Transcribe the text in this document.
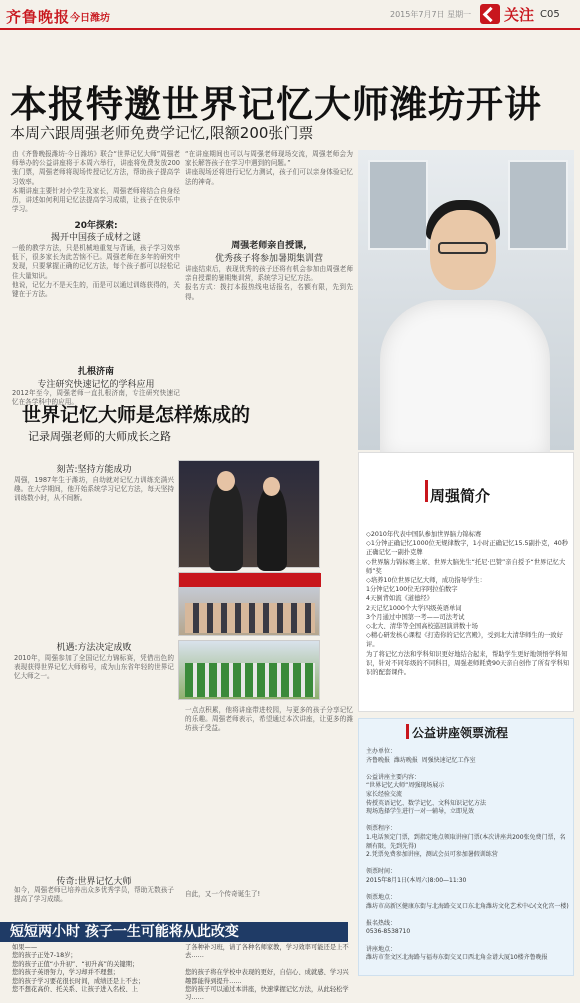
齐鲁晚报 今日潍坊	2015年7月7日 星期一 关注 C05
本报特邀世界记忆大师潍坊开讲
本周六跟周强老师免费学记忆,限额200张门票
由《齐鲁晚报潍坊·今日潍坊》联合“世界记忆大师”周强老师举办的公益讲座将于本周六举行，讲座将免费发放200张门票，周强老师将现场传授记忆方法，帮助孩子提高学习效率。
本期讲座主要针对小学生及家长，周强老师将结合自身经历，讲述如何利用记忆法提高学习成绩，让孩子在快乐中学习。
20年探索:
揭开中国孩子成材之谜
一般的教学方法，只是机械地重复与背诵，孩子学习效率低下，很多家长为此苦恼不已。周强老师在多年的研究中发现，只要掌握正确的记忆方法，每个孩子都可以轻松记住大量知识。
他说，记忆力不是天生的，而是可以通过训练获得的，关键在于方法。
扎根济南
专注研究快速记忆的学科应用
2012年至今，周强老师一直扎根济南，专注研究快速记忆在各学科中的应用。
“在讲座期间也可以与周强老师现场交流，周强老师会为家长解答孩子在学习中遇到的问题。”
讲座现场还将进行记忆力测试，孩子们可以亲身体验记忆法的神奇。
周强老师亲自授课,
优秀孩子将参加暑期集训营
讲座结束后，表现优秀的孩子还将有机会参加由周强老师亲自授课的暑期集训营，系统学习记忆方法。
报名方式：拨打本报热线电话报名，名额有限，先到先得。
世界记忆大师是怎样炼成的
记录周强老师的大师成长之路
刻苦:坚持方能成功
周强，1987年生于潍坊，自幼就对记忆力训练充满兴趣。在大学期间，他开始系统学习记忆方法，每天坚持训练数小时，从不间断。
机遇:方法决定成败
2010年，周强参加了全国记忆力锦标赛，凭借出色的表现获得世界记忆大师称号，成为山东省年轻的世界记忆大师之一。
传奇:世界记忆大师
如今，周强老师已培养出众多优秀学员，帮助无数孩子提高了学习成绩。
一点点积累，他将讲座带进校园，与更多的孩子分享记忆的乐趣。周强老师表示，希望通过本次讲座，让更多的潍坊孩子受益。
自此，又一个传奇诞生了!
周强简介
◇2010年代表中国队参加世界脑力锦标赛
◇1分钟正确记忆1000位无规律数字，1小时正确记忆15.5副扑克，40秒正确记忆一副扑克牌
◇世界脑力锦标赛主席、世界大脑先生“托尼·巴赞”亲自授予“世界记忆大师”奖
◇培养10位世界记忆大师，成功指导学生：
1分钟记忆100位无序阿拉伯数字
4天倒背如流《道德经》
2天记忆1000个大学四级英语单词
3个月通过中国第一考——司法考试
◇北大、清华等全国高校巡回演讲数十场
◇精心研发核心课程《打造你的记忆宫殿》，受到北大清华师生的一致好评。
为了将记忆方法和学科知识更好地结合起来，帮助学生更好地领悟学科知识，针对不同年级的不同科目，周强老师耗费90天亲自创作了所有学科知识的配套课件。
公益讲座领票流程
主办单位：
齐鲁晚报  潍坊晚报  周强快速记忆工作室

公益讲座主要内容：
“世界记忆大师”周强现场展示
家长经验交流
传授英语记忆、数学记忆、文科知识记忆方法
现场选择学生进行一对一辅导，立即见效

领票程序：
1.电话预定门票，到指定地点领取讲座门票(本次讲座共200张免费门票，名额有限，先到先得)
2.凭票免费参加讲座，测试会员可参加暑假训练营

领票时间：
2015年8月1日(本周六)8:00—11:30

领票地点：
潍坊市高新区健康东街与北海路交叉口东北角潍坊文化艺术中心(文化宫一楼)

报名热线：
0536-8538710

讲座地点：
潍坊市奎文区北海路与福寿东街交叉口西北角金谱大厦10楼齐鲁晚报
短短两小时 孩子一生可能将从此改变
如果——
您的孩子正处7-18岁；
您的孩子正值“小升初”、“初升高”的关键期；
您的孩子英语努力，学习却并不理想；
您的孩子学习要花很长时间，成绩还是上不去；
您不想花高价、托关系、让孩子进入名校、上
了各种补习班，请了各种名师家教，学习效率可能还是上不去……

您的孩子将在学校中表现的更好，自信心、成就感、学习兴趣都能得到提升……
您的孩子可以通过本讲座，快速掌握记忆方法，从此轻松学习……
